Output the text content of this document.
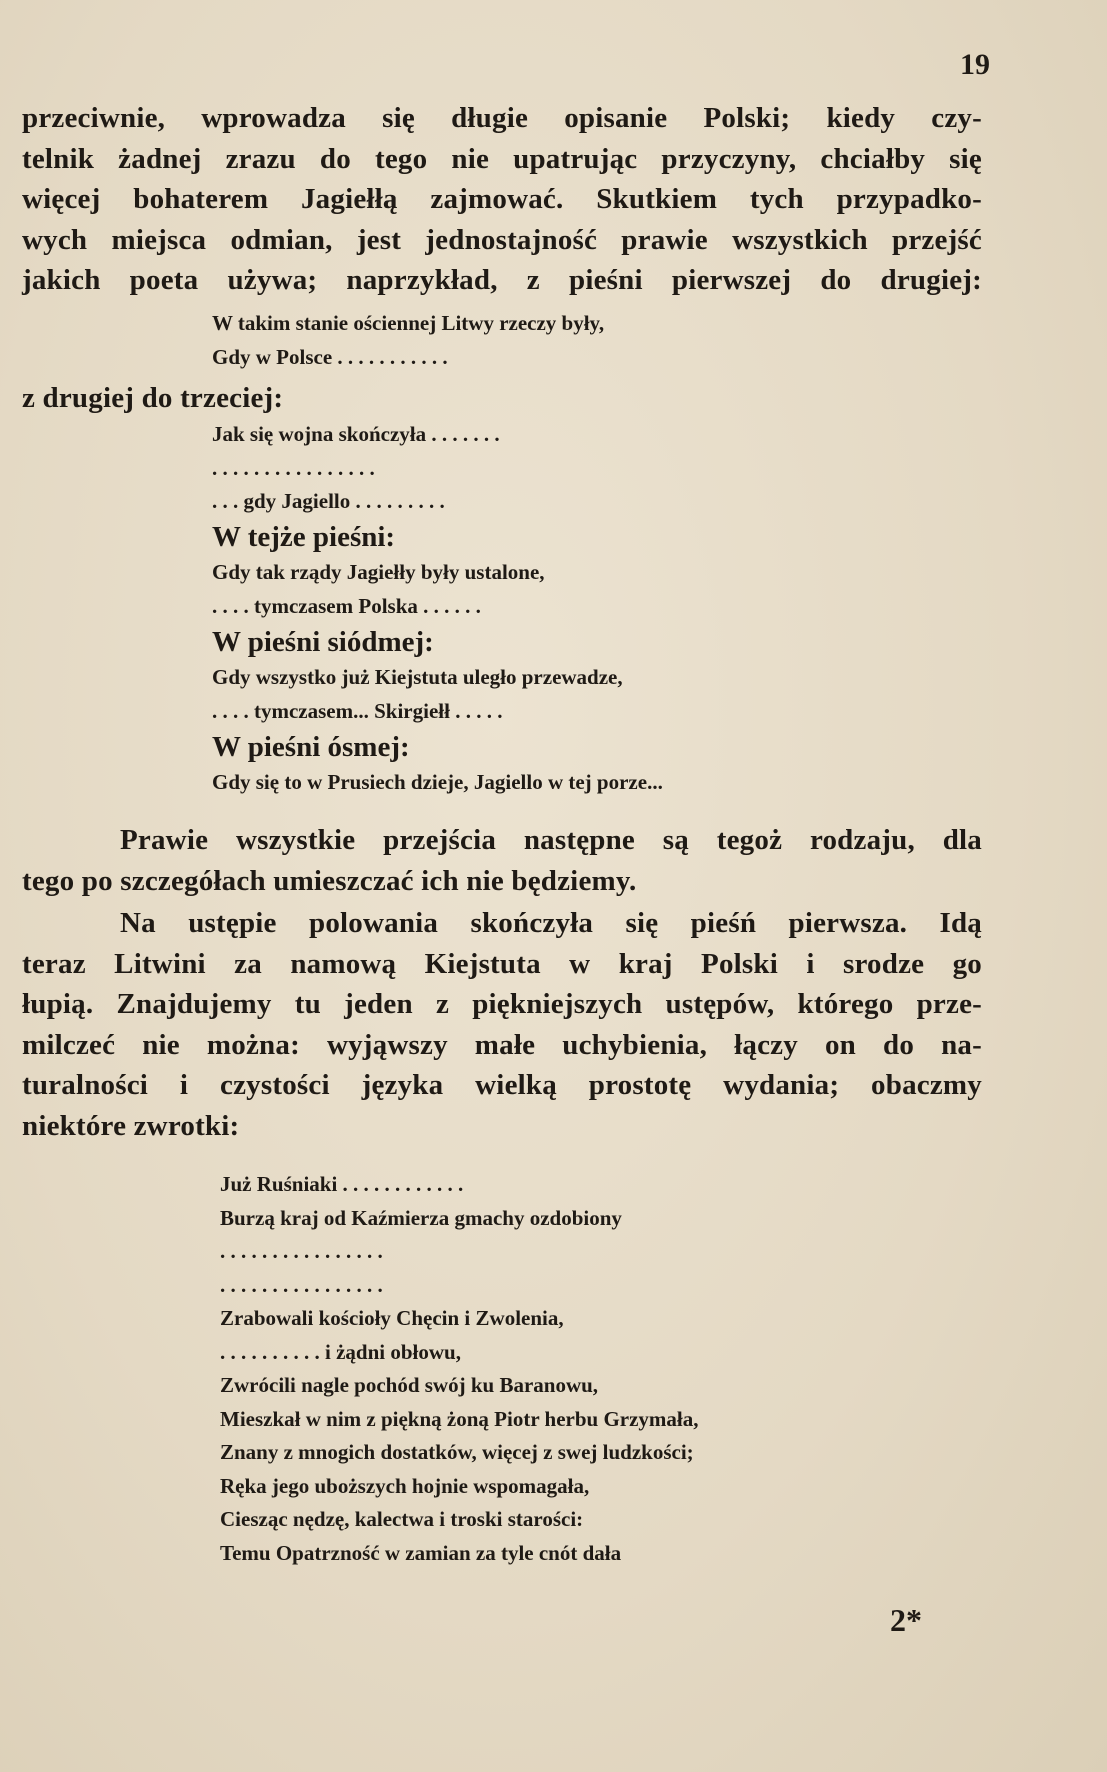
19
przeciwnie, wprowadza się długie opisanie Polski; kiedy czy-
telnik żadnej zrazu do tego nie upatrując przyczyny, chciałby się
więcej bohaterem Jagiełłą zajmować. Skutkiem tych przypadko-
wych miejsca odmian, jest jednostajność prawie wszystkich przejść
jakich poeta używa; naprzykład, z pieśni pierwszej do drugiej:
W takim stanie ościennej Litwy rzeczy były,
Gdy w Polsce . . . . . . . . . . .
z drugiej do trzeciej:
Jak się wojna skończyła . . . . . . .
. . . . . . . . . . . . . . . .
. . . gdy Jagiello . . . . . . . . .
W tejże pieśni:
Gdy tak rządy Jagiełły były ustalone,
. . . . tymczasem Polska . . . . . .
W pieśni siódmej:
Gdy wszystko już Kiejstuta uległo przewadze,
. . . . tymczasem... Skirgiełł . . . . .
W pieśni ósmej:
Gdy się to w Prusiech dzieje, Jagiello w tej porze...
Prawie wszystkie przejścia następne są tegoż rodzaju, dla
tego po szczegółach umieszczać ich nie będziemy.
Na ustępie polowania skończyła się pieśń pierwsza. Idą
teraz Litwini za namową Kiejstuta w kraj Polski i srodze go
łupią. Znajdujemy tu jeden z piękniejszych ustępów, którego prze-
milczeć nie można: wyjąwszy małe uchybienia, łączy on do na-
turalności i czystości języka wielką prostotę wydania; obaczmy
niektóre zwrotki:
Już Ruśniaki . . . . . . . . . . . .
Burzą kraj od Kaźmierza gmachy ozdobiony
. . . . . . . . . . . . . . . .
. . . . . . . . . . . . . . . .
Zrabowali kościoły Chęcin i Zwolenia,
. . . . . . . . . . i żądni obłowu,
Zwrócili nagle pochód swój ku Baranowu,
Mieszkał w nim z piękną żoną Piotr herbu Grzymała,
Znany z mnogich dostatków, więcej z swej ludzkości;
Ręka jego uboższych hojnie wspomagała,
Ciesząc nędzę, kalectwa i troski starości:
Temu Opatrzność w zamian za tyle cnót dała
2*
